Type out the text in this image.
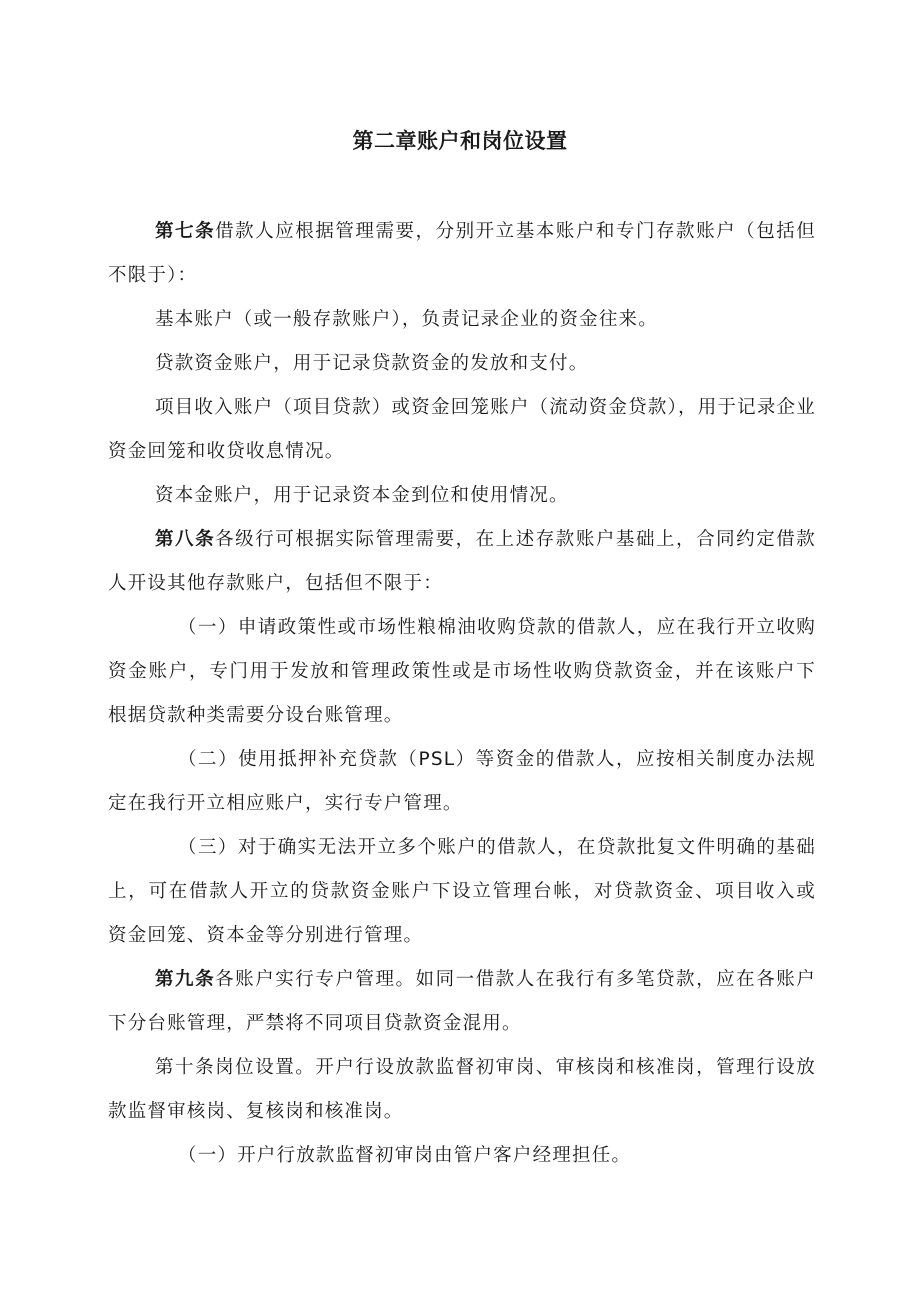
第二章账户和岗位设置

第七条借款人应根据管理需要，分别开立基本账户和专门存款账户（包括但不限于）：

基本账户（或一般存款账户），负责记录企业的资金往来。

贷款资金账户，用于记录贷款资金的发放和支付。

项目收入账户（项目贷款）或资金回笼账户（流动资金贷款），用于记录企业资金回笼和收贷收息情况。

资本金账户，用于记录资本金到位和使用情况。

第八条各级行可根据实际管理需要，在上述存款账户基础上，合同约定借款人开设其他存款账户，包括但不限于：

（一）申请政策性或市场性粮棉油收购贷款的借款人，应在我行开立收购资金账户，专门用于发放和管理政策性或是市场性收购贷款资金，并在该账户下根据贷款种类需要分设台账管理。

（二）使用抵押补充贷款（PSL）等资金的借款人，应按相关制度办法规定在我行开立相应账户，实行专户管理。

（三）对于确实无法开立多个账户的借款人，在贷款批复文件明确的基础上，可在借款人开立的贷款资金账户下设立管理台帐，对贷款资金、项目收入或资金回笼、资本金等分别进行管理。

第九条各账户实行专户管理。如同一借款人在我行有多笔贷款，应在各账户下分台账管理，严禁将不同项目贷款资金混用。

第十条岗位设置。开户行设放款监督初审岗、审核岗和核准岗，管理行设放款监督审核岗、复核岗和核准岗。

（一）开户行放款监督初审岗由管户客户经理担任。
